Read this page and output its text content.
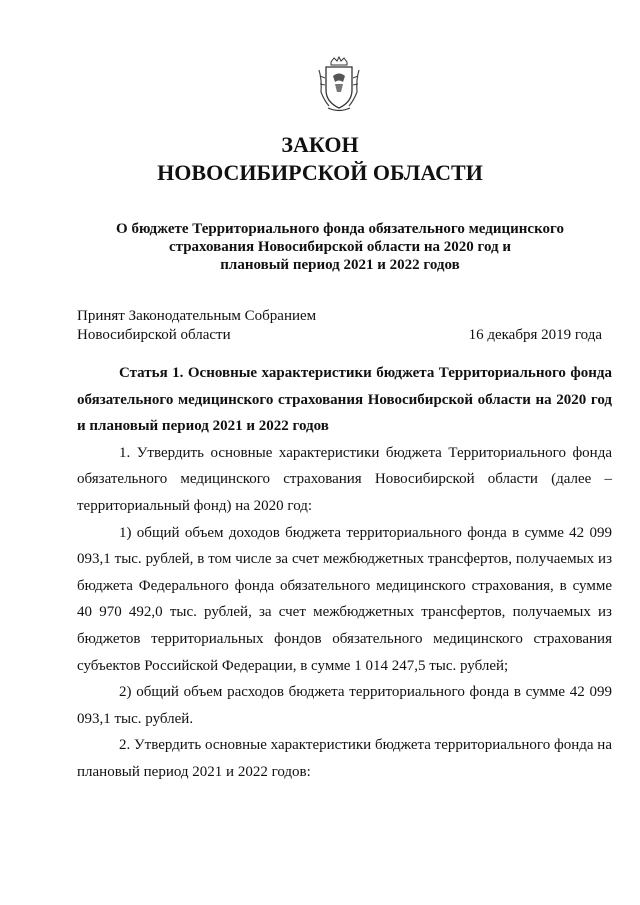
ЗАКОН
НОВОСИБИРСКОЙ ОБЛАСТИ
О бюджете Территориального фонда обязательного медицинского
страхования Новосибирской области на 2020 год и
плановый период 2021 и 2022 годов
Принят Законодательным Собранием
Новосибирской области	16 декабря 2019 года

Статья 1. Основные характеристики бюджета Территориального фонда обязательного медицинского страхования Новосибирской области на 2020 год и плановый период 2021 и 2022 годов

1. Утвердить основные характеристики бюджета Территориального фонда обязательного медицинского страхования Новосибирской области (далее – территориальный фонд) на 2020 год:

1) общий объем доходов бюджета территориального фонда в сумме 42 099 093,1 тыс. рублей, в том числе за счет межбюджетных трансфертов, получаемых из бюджета Федерального фонда обязательного медицинского страхования, в сумме 40 970 492,0 тыс. рублей, за счет межбюджетных трансфертов, получаемых из бюджетов территориальных фондов обязательного медицинского страхования субъектов Российской Федерации, в сумме 1 014 247,5 тыс. рублей;

2) общий объем расходов бюджета территориального фонда в сумме 42 099 093,1 тыс. рублей.

2. Утвердить основные характеристики бюджета территориального фонда на плановый период 2021 и 2022 годов:
